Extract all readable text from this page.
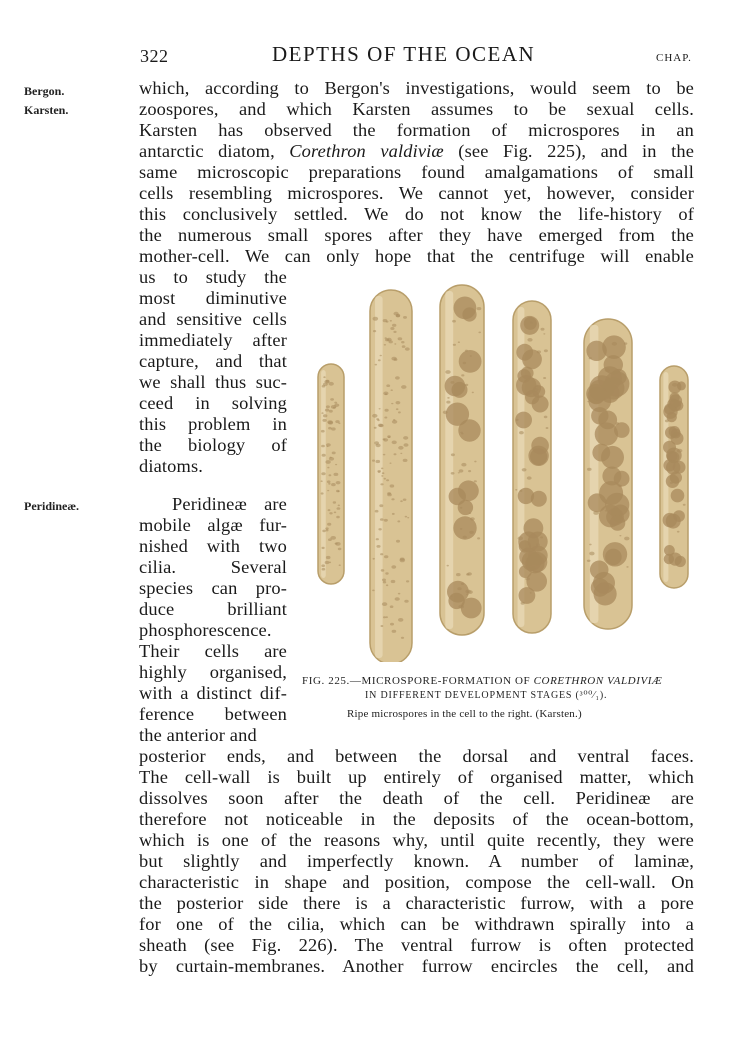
322	DEPTHS OF THE OCEAN	CHAP.
Bergon.
Karsten.
Peridineæ.
which, according to Bergon's investigations, would seem to be
zoospores, and which Karsten assumes to be sexual cells.
Karsten has observed the formation of microspores in an
antarctic diatom, Corethron valdiviæ (see Fig. 225), and in the
same microscopic preparations found amalgamations of small
cells resembling microspores. We cannot yet, however, consider
this conclusively settled. We do not know the life-history of
the numerous small spores after they have emerged from the
mother-cell. We can only hope that the centrifuge will enable
us to study the
most diminutive
and sensitive cells
immediately after
capture, and that
we shall thus suc-
ceed in solving
this problem in
the biology of
diatoms.
Peridineæ are
mobile algæ fur-
nished with two
cilia. Several
species can pro-
duce brilliant
phosphorescence.
Their cells are
highly organised,
with a distinct dif-
ference between
the anterior and
posterior ends, and between the dorsal and ventral faces.
The cell-wall is built up entirely of organised matter, which
dissolves soon after the death of the cell. Peridineæ are
therefore not noticeable in the deposits of the ocean-bottom,
which is one of the reasons why, until quite recently, they were
but slightly and imperfectly known. A number of laminæ,
characteristic in shape and position, compose the cell-wall. On
the posterior side there is a characteristic furrow, with a pore
for one of the cilia, which can be withdrawn spirally into a
sheath (see Fig. 226). The ventral furrow is often protected
by curtain-membranes. Another furrow encircles the cell, and
FIG. 225.—MICROSPORE-FORMATION OF CORETHRON VALDIVIÆ
IN DIFFERENT DEVELOPMENT STAGES (³⁰⁰⁄₁).
Ripe microspores in the cell to the right. (Karsten.)
